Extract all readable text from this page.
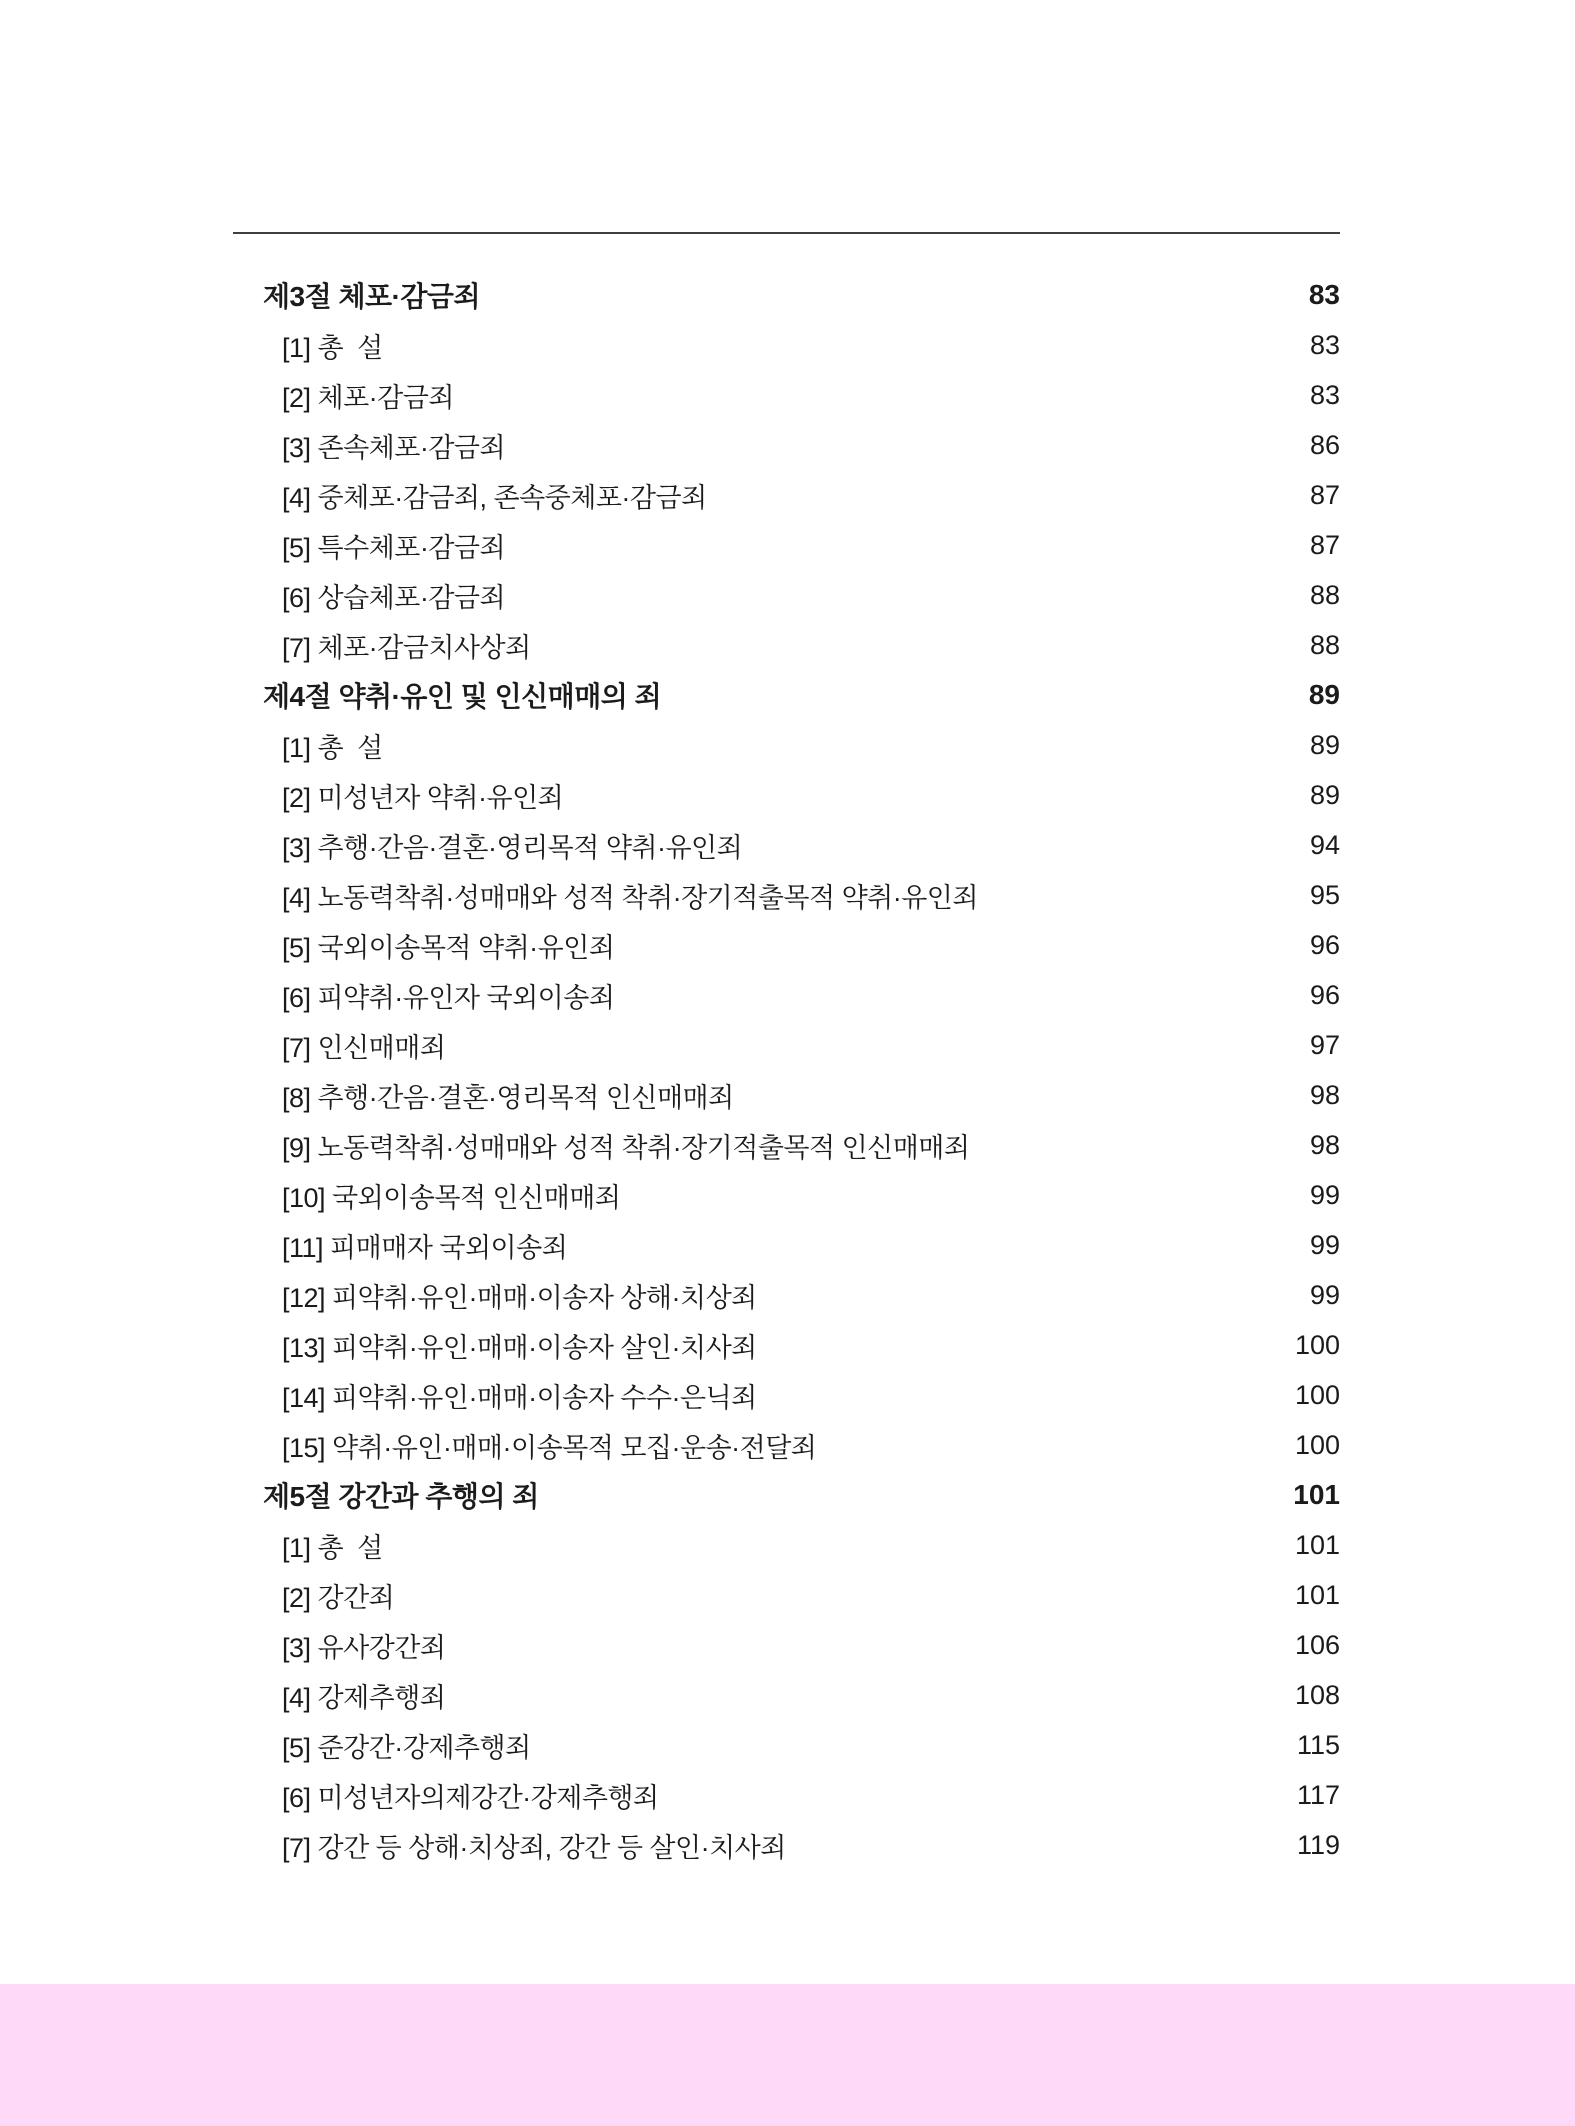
제3절 체포·감금죄	83
[1] 총  설	83
[2] 체포·감금죄	83
[3] 존속체포·감금죄	86
[4] 중체포·감금죄, 존속중체포·감금죄	87
[5] 특수체포·감금죄	87
[6] 상습체포·감금죄	88
[7] 체포·감금치사상죄	88
제4절 약취·유인 및 인신매매의 죄	89
[1] 총  설	89
[2] 미성년자 약취·유인죄	89
[3] 추행·간음·결혼·영리목적 약취·유인죄	94
[4] 노동력착취·성매매와 성적 착취·장기적출목적 약취·유인죄	95
[5] 국외이송목적 약취·유인죄	96
[6] 피약취·유인자 국외이송죄	96
[7] 인신매매죄	97
[8] 추행·간음·결혼·영리목적 인신매매죄	98
[9] 노동력착취·성매매와 성적 착취·장기적출목적 인신매매죄	98
[10] 국외이송목적 인신매매죄	99
[11] 피매매자 국외이송죄	99
[12] 피약취·유인·매매·이송자 상해·치상죄	99
[13] 피약취·유인·매매·이송자 살인·치사죄	100
[14] 피약취·유인·매매·이송자 수수·은닉죄	100
[15] 약취·유인·매매·이송목적 모집·운송·전달죄	100
제5절 강간과 추행의 죄	101
[1] 총  설	101
[2] 강간죄	101
[3] 유사강간죄	106
[4] 강제추행죄	108
[5] 준강간·강제추행죄	115
[6] 미성년자의제강간·강제추행죄	117
[7] 강간 등 상해·치상죄, 강간 등 살인·치사죄	119
